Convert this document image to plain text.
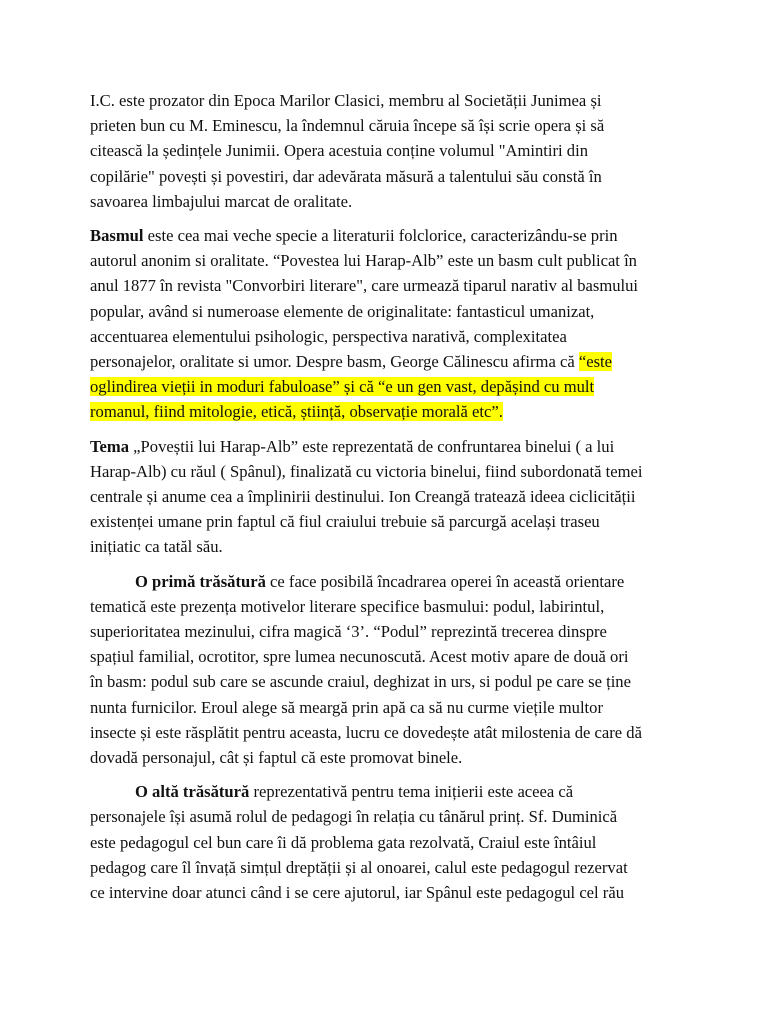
I.C. este prozator din Epoca Marilor Clasici, membru al Societății Junimea și
prieten bun cu M. Eminescu, la îndemnul căruia începe să își scrie opera și să
citească la ședințele Junimii. Opera acestuia conține volumul "Amintiri din
copilărie" povești și povestiri, dar adevărata măsură a talentului său constă în
savoarea limbajului marcat de oralitate.

Basmul este cea mai veche specie a literaturii folclorice, caracterizându-se prin
autorul anonim si oralitate. “Povestea lui Harap-Alb” este un basm cult publicat în
anul 1877 în revista "Convorbiri literare", care urmează tiparul narativ al basmului
popular, având si numeroase elemente de originalitate: fantasticul umanizat,
accentuarea elementului psihologic, perspectiva narativă, complexitatea
personajelor, oralitate si umor. Despre basm, George Călinescu afirma că “este
oglindirea vieții in moduri fabuloase” și că “e un gen vast, depășind cu mult
romanul, fiind mitologie, etică, știință, observație morală etc”.

Tema „Poveștii lui Harap-Alb” este reprezentată de confruntarea binelui ( a lui
Harap-Alb) cu răul ( Spânul), finalizată cu victoria binelui, fiind subordonată temei
centrale și anume cea a împlinirii destinului. Ion Creangă tratează ideea ciclicității
existenței umane prin faptul că fiul craiului trebuie să parcurgă același traseu
inițiatic ca tatăl său.

O primă trăsătură ce face posibilă încadrarea operei în această orientare
tematică este prezența motivelor literare specifice basmului: podul, labirintul,
superioritatea mezinului, cifra magică ‘3’. “Podul” reprezintă trecerea dinspre
spațiul familial, ocrotitor, spre lumea necunoscută. Acest motiv apare de două ori
în basm: podul sub care se ascunde craiul, deghizat in urs, si podul pe care se ține
nunta furnicilor. Eroul alege să meargă prin apă ca să nu curme viețile multor
insecte și este răsplătit pentru aceasta, lucru ce dovedește atât milostenia de care dă
dovadă personajul, cât și faptul că este promovat binele.

O altă trăsătură reprezentativă pentru tema inițierii este aceea că
personajele își asumă rolul de pedagogi în relația cu tânărul prinț. Sf. Duminică
este pedagogul cel bun care îi dă problema gata rezolvată, Craiul este întâiul
pedagog care îl învață simțul dreptății și al onoarei, calul este pedagogul rezervat
ce intervine doar atunci când i se cere ajutorul, iar Spânul este pedagogul cel rău
